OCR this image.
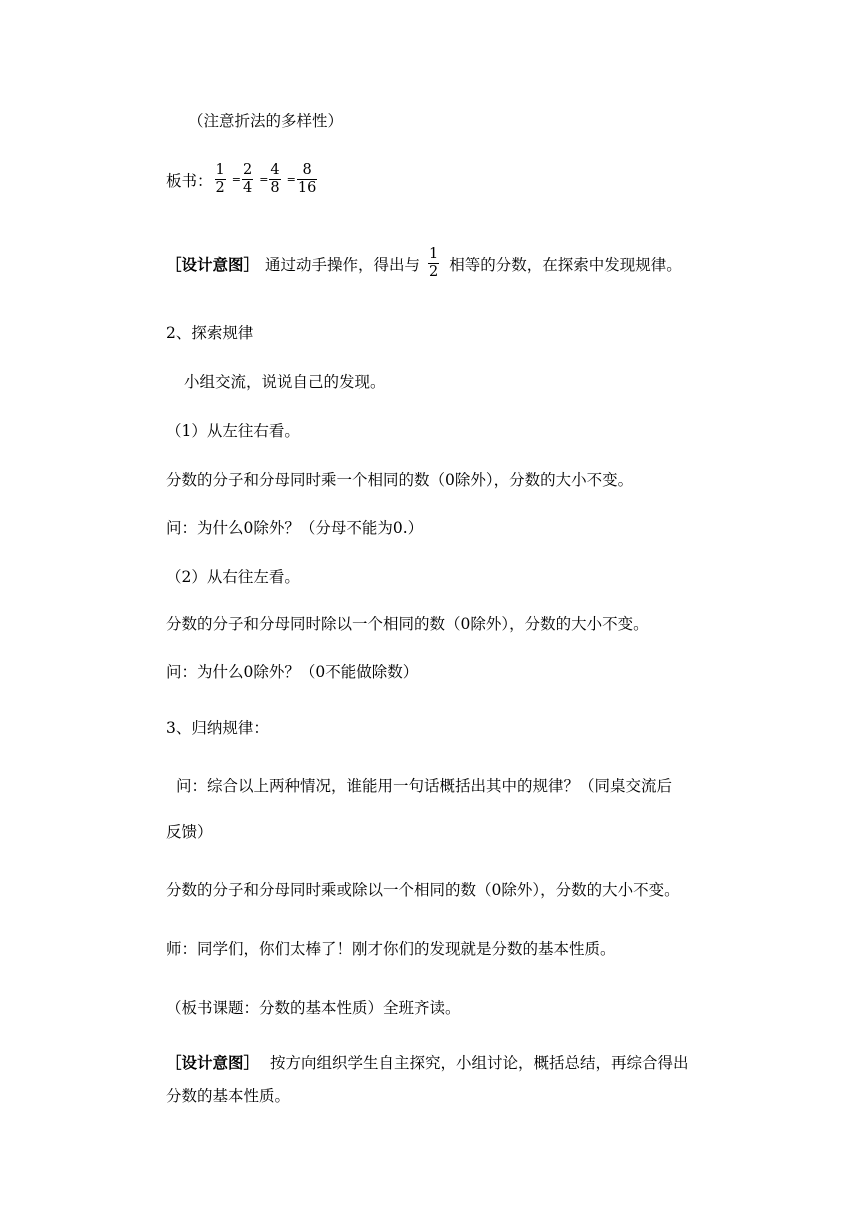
（注意折法的多样性）
板书： $\frac{1}{2} = \frac{2}{4} = \frac{4}{8} = \frac{8}{16}$
［设计意图］ 通过动手操作，得出与 $\frac{1}{2}$ 相等的分数，在探索中发现规律。
2、探索规律
小组交流，说说自己的发现。
（1）从左往右看。
分数的分子和分母同时乘一个相同的数（0除外），分数的大小不变。
问：为什么0除外？（分母不能为0.）
（2）从右往左看。
分数的分子和分母同时除以一个相同的数（0除外），分数的大小不变。
问：为什么0除外？（0不能做除数）
3、归纳规律：
问：综合以上两种情况，谁能用一句话概括出其中的规律？（同桌交流后
反馈）
分数的分子和分母同时乘或除以一个相同的数（0除外），分数的大小不变。
师：同学们，你们太棒了！刚才你们的发现就是分数的基本性质。
（板书课题：分数的基本性质）全班齐读。
［设计意图］ 按方向组织学生自主探究，小组讨论，概括总结，再综合得出
分数的基本性质。
